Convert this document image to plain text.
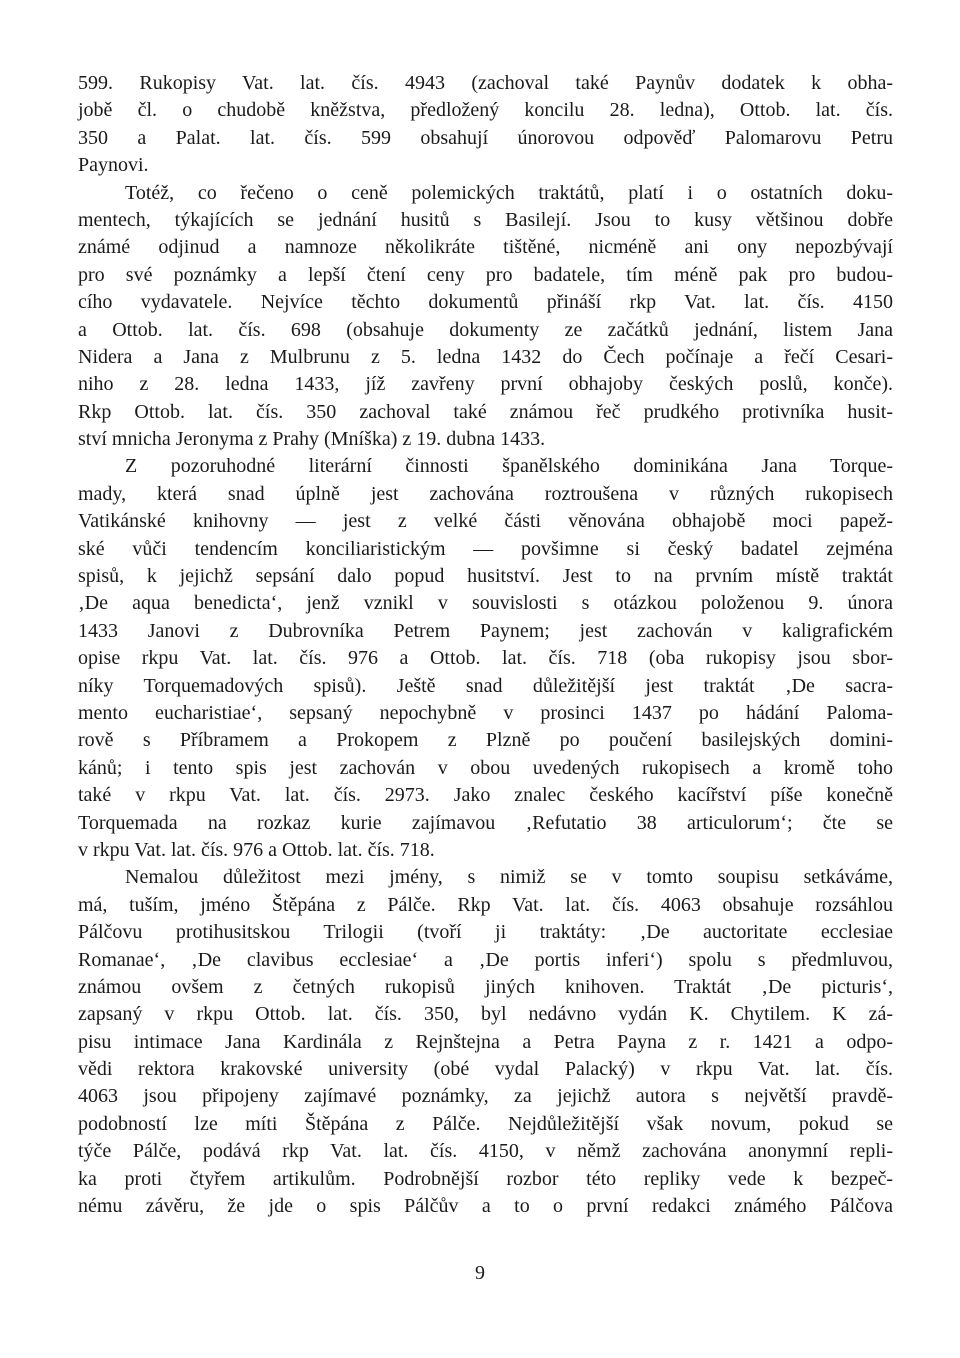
599. Rukopisy Vat. lat. čís. 4943 (zachoval také Paynův dodatek k obha-
jobě čl. o chudobě kněžstva, předložený koncilu 28. ledna), Ottob. lat. čís.
350 a Palat. lat. čís. 599 obsahují únorovou odpověď Palomarovu Petru
Paynovi.
Totéž, co řečeno o ceně polemických traktátů, platí i o ostatních doku-
mentech, týkajících se jednání husitů s Basilejí. Jsou to kusy většinou dobře
známé odjinud a namnoze několikráte tištěné, nicméně ani ony nepozbývají
pro své poznámky a lepší čtení ceny pro badatele, tím méně pak pro budou-
cího vydavatele. Nejvíce těchto dokumentů přináší rkp Vat. lat. čís. 4150
a Ottob. lat. čís. 698 (obsahuje dokumenty ze začátků jednání, listem Jana
Nidera a Jana z Mulbrunu z 5. ledna 1432 do Čech počínaje a řečí Cesari-
niho z 28. ledna 1433, jíž zavřeny první obhajoby českých poslů, konče).
Rkp Ottob. lat. čís. 350 zachoval také známou řeč prudkého protivníka husit-
ství mnicha Jeronyma z Prahy (Mníška) z 19. dubna 1433.
Z pozoruhodné literární činnosti španělského dominikána Jana Torque-
mady, která snad úplně jest zachována roztroušena v různých rukopisech
Vatikánské knihovny — jest z velké části věnována obhajobě moci papež-
ské vůči tendencím konciliaristickým — povšimne si český badatel zejména
spisů, k jejichž sepsání dalo popud husitství. Jest to na prvním místě traktát
‚De aqua benedicta‘, jenž vznikl v souvislosti s otázkou položenou 9. února
1433 Janovi z Dubrovníka Petrem Paynem; jest zachován v kaligrafickém
opise rkpu Vat. lat. čís. 976 a Ottob. lat. čís. 718 (oba rukopisy jsou sbor-
níky Torquemadových spisů). Ještě snad důležitější jest traktát ‚De sacra-
mento eucharistiae‘, sepsaný nepochybně v prosinci 1437 po hádání Paloma-
rově s Příbramem a Prokopem z Plzně po poučení basilejských domini-
kánů; i tento spis jest zachován v obou uvedených rukopisech a kromě toho
také v rkpu Vat. lat. čís. 2973. Jako znalec českého kacířství píše konečně
Torquemada na rozkaz kurie zajímavou ‚Refutatio 38 articulorum‘; čte se
v rkpu Vat. lat. čís. 976 a Ottob. lat. čís. 718.
Nemalou důležitost mezi jmény, s nimiž se v tomto soupisu setkáváme,
má, tuším, jméno Štěpána z Pálče. Rkp Vat. lat. čís. 4063 obsahuje rozsáhlou
Pálčovu protihusitskou Trilogii (tvoří ji traktáty: ‚De auctoritate ecclesiae
Romanae‘, ‚De clavibus ecclesiae‘ a ‚De portis inferi‘) spolu s předmluvou,
známou ovšem z četných rukopisů jiných knihoven. Traktát ‚De picturis‘,
zapsaný v rkpu Ottob. lat. čís. 350, byl nedávno vydán K. Chytilem. K zá-
pisu intimace Jana Kardinála z Rejnštejna a Petra Payna z r. 1421 a odpo-
vědi rektora krakovské university (obé vydal Palacký) v rkpu Vat. lat. čís.
4063 jsou připojeny zajímavé poznámky, za jejichž autora s největší pravdě-
podobností lze míti Štěpána z Pálče. Nejdůležitější však novum, pokud se
týče Pálče, podává rkp Vat. lat. čís. 4150, v němž zachována anonymní repli-
ka proti čtyřem artikulům. Podrobnější rozbor této repliky vede k bezpeč-
nému závěru, že jde o spis Pálčův a to o první redakci známého Pálčova
9
